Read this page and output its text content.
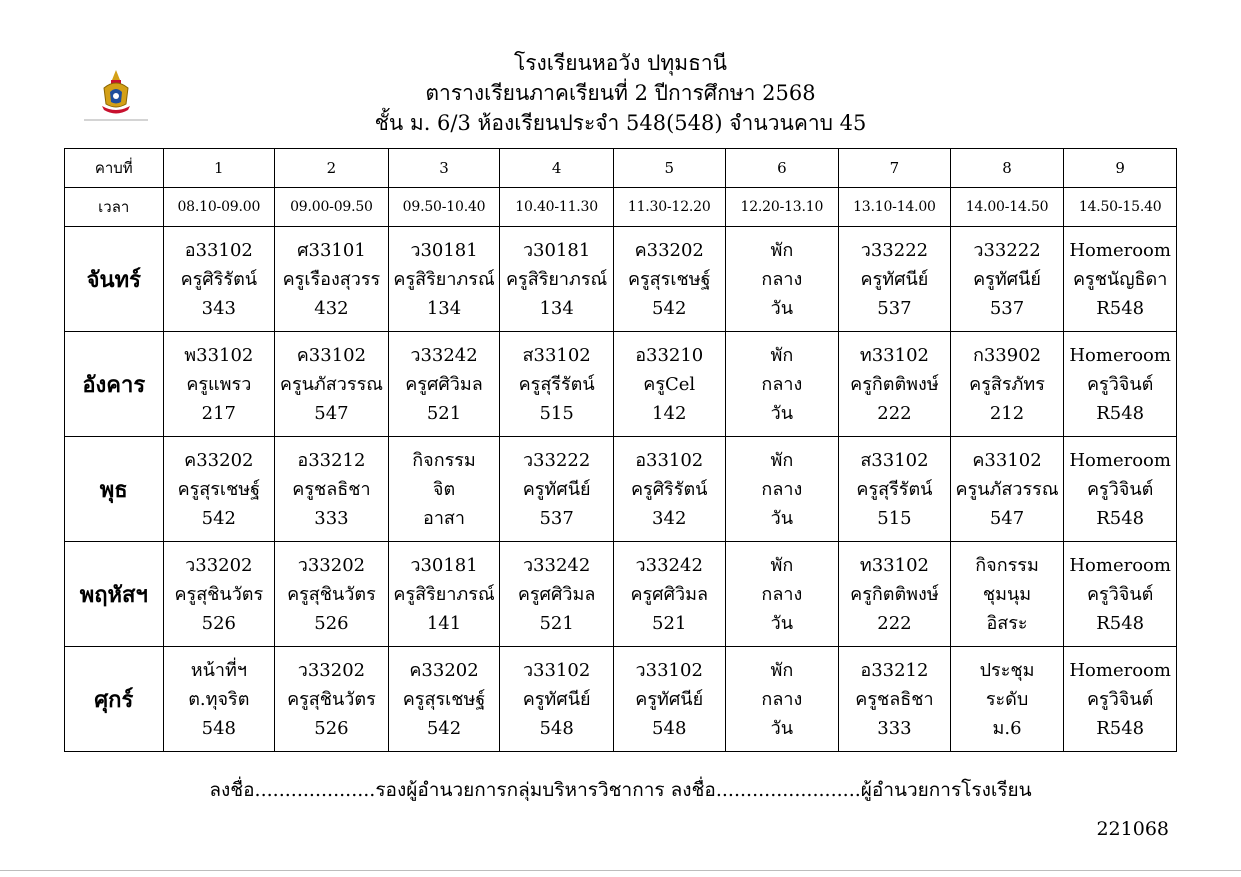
โรงเรียนหอวัง ปทุมธานี
ตารางเรียนภาคเรียนที่ 2 ปีการศึกษา 2568
ชั้น ม. 6/3 ห้องเรียนประจำ 548(548) จำนวนคาบ 45
คาบที่	1	2	3	4	5	6	7	8	9
เวลา	08.10-09.00	09.00-09.50	09.50-10.40	10.40-11.30	11.30-12.20	12.20-13.10	13.10-14.00	14.00-14.50	14.50-15.40
จันทร์	อ33102
ครูศิริรัตน์
343	ศ33101
ครูเรืองสุวรร
432	ว30181
ครูสิริยาภรณ์
134	ว30181
ครูสิริยาภรณ์
134	ค33202
ครูสุรเชษฐ์
542	พัก
กลาง
วัน	ว33222
ครูทัศนีย์
537	ว33222
ครูทัศนีย์
537	Homeroom
ครูชนัญธิดา
R548

อังคาร	พ33102
ครูแพรว
217	ค33102
ครูนภัสวรรณ
547	ว33242
ครูศศิวิมล
521	ส33102
ครูสุรีรัตน์
515	อ33210
ครูCel
142	พัก
กลาง
วัน	ท33102
ครูกิตติพงษ์
222	ก33902
ครูสิรภัทร
212	Homeroom
ครูวิจินต์
R548

พุธ	ค33202
ครูสุรเชษฐ์
542	อ33212
ครูชลธิชา
333	กิจกรรม
จิต
อาสา	ว33222
ครูทัศนีย์
537	อ33102
ครูศิริรัตน์
342	พัก
กลาง
วัน	ส33102
ครูสุรีรัตน์
515	ค33102
ครูนภัสวรรณ
547	Homeroom
ครูวิจินต์
R548

พฤหัสฯ	ว33202
ครูสุชินวัตร
526	ว33202
ครูสุชินวัตร
526	ว30181
ครูสิริยาภรณ์
141	ว33242
ครูศศิวิมล
521	ว33242
ครูศศิวิมล
521	พัก
กลาง
วัน	ท33102
ครูกิตติพงษ์
222	กิจกรรม
ชุมนุม
อิสระ	Homeroom
ครูวิจินต์
R548

ศุกร์	หน้าที่ฯ
ต.ทุจริต
548	ว33202
ครูสุชินวัตร
526	ค33202
ครูสุรเชษฐ์
542	ว33102
ครูทัศนีย์
548	ว33102
ครูทัศนีย์
548	พัก
กลาง
วัน	อ33212
ครูชลธิชา
333	ประชุม
ระดับ
ม.6	Homeroom
ครูวิจินต์
R548
ลงชื่อ....................รองผู้อำนวยการกลุ่มบริหารวิชาการ ลงชื่อ........................ผู้อำนวยการโรงเรียน
221068
